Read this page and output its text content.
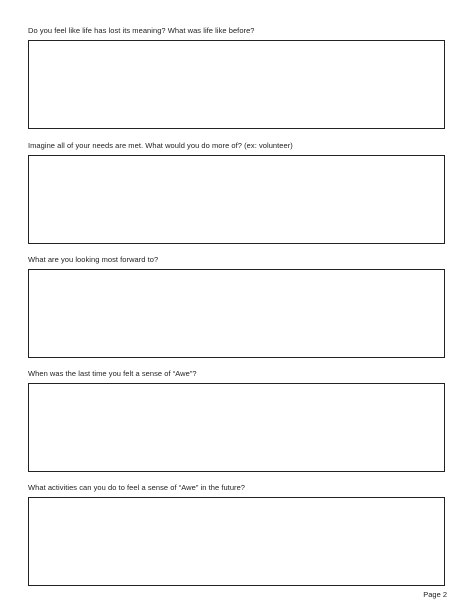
Do you feel like life has lost its meaning? What was life like before?
Imagine all of your needs are met. What would you do more of? (ex: volunteer)
What are you looking most forward to?
When was the last time you felt a sense of “Awe”?
What activities can you do to feel a sense of “Awe” in the future?
Page 2
